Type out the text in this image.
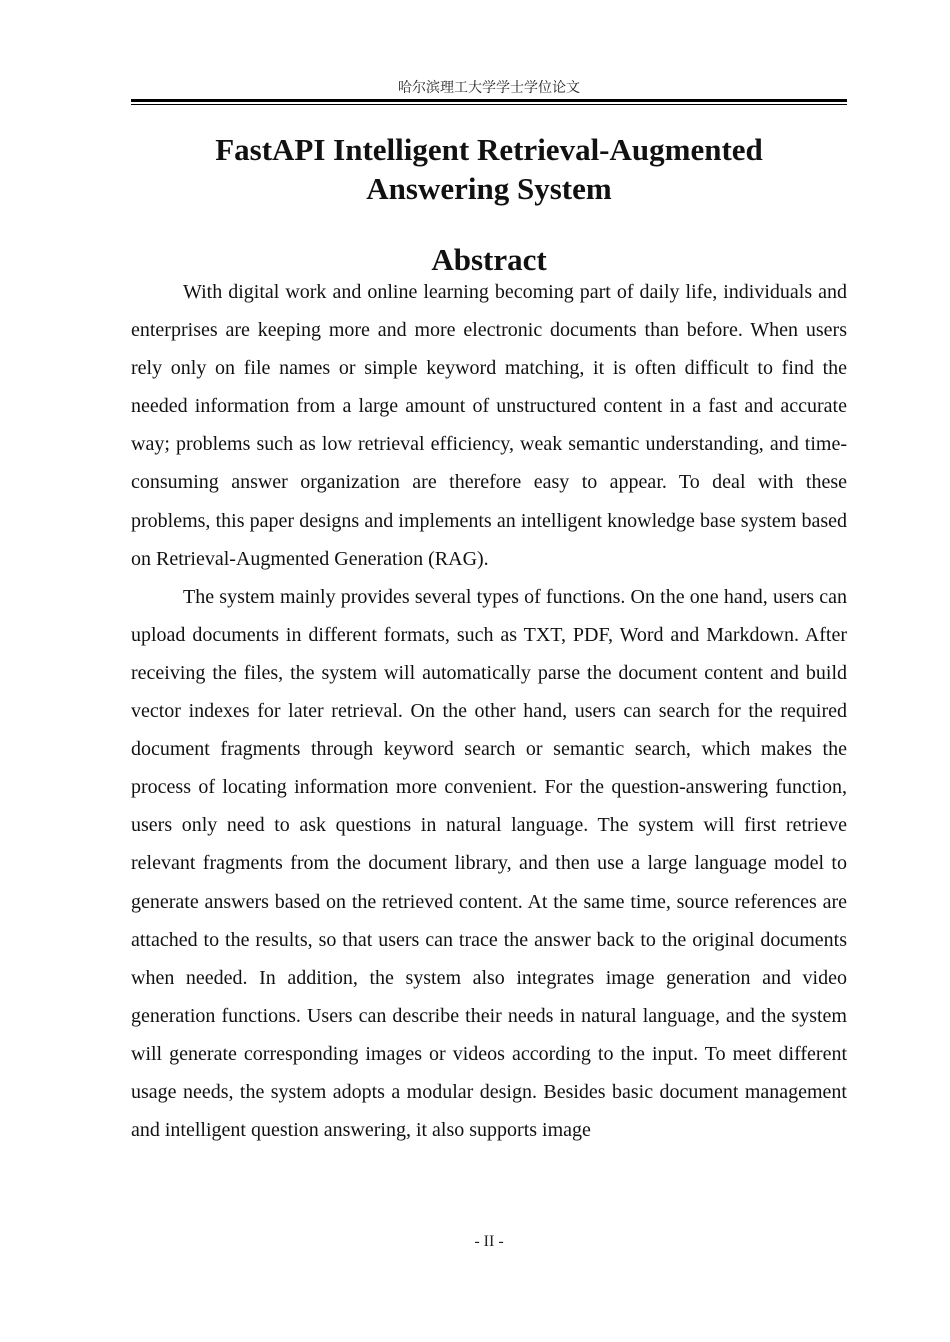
哈尔滨理工大学学士学位论文
FastAPI Intelligent Retrieval-Augmented
Answering System
Abstract

With digital work and online learning becoming part of daily life, individuals and enterprises are keeping more and more electronic documents than before. When users rely only on file names or simple keyword matching, it is often difficult to find the needed information from a large amount of unstructured content in a fast and accurate way; problems such as low retrieval efficiency, weak semantic understanding, and time-consuming answer organization are therefore easy to appear. To deal with these problems, this paper designs and implements an intelligent knowledge base system based on Retrieval-Augmented Generation (RAG).

The system mainly provides several types of functions. On the one hand, users can upload documents in different formats, such as TXT, PDF, Word and Markdown. After receiving the files, the system will automatically parse the document content and build vector indexes for later retrieval. On the other hand, users can search for the required document fragments through keyword search or semantic search, which makes the process of locating information more convenient. For the question-answering function, users only need to ask questions in natural language. The system will first retrieve relevant fragments from the document library, and then use a large language model to generate answers based on the retrieved content. At the same time, source references are attached to the results, so that users can trace the answer back to the original documents when needed. In addition, the system also integrates image generation and video generation functions. Users can describe their needs in natural language, and the system will generate corresponding images or videos according to the input. To meet different usage needs, the system adopts a modular design. Besides basic document management and intelligent question answering, it also supports image

- II -
